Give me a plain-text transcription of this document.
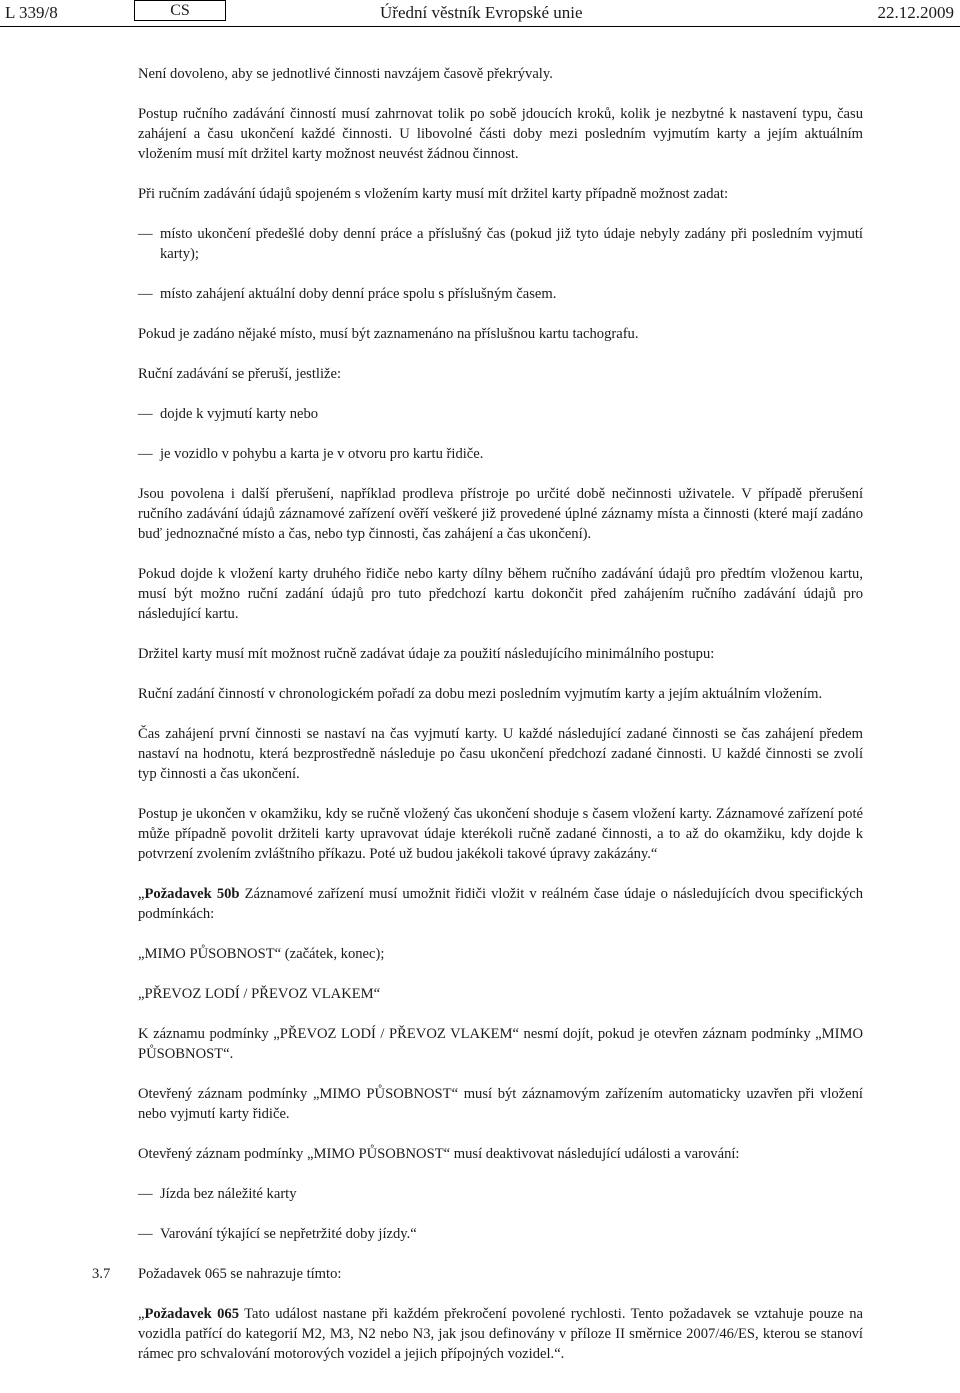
L 339/8	CS	Úřední věstník Evropské unie	22.12.2009

Není dovoleno, aby se jednotlivé činnosti navzájem časově překrývaly.

Postup ručního zadávání činností musí zahrnovat tolik po sobě jdoucích kroků, kolik je nezbytné k nastavení typu, času zahájení a času ukončení každé činnosti. U libovolné části doby mezi posledním vyjmutím karty a jejím aktuálním vložením musí mít držitel karty možnost neuvést žádnou činnost.

Při ručním zadávání údajů spojeném s vložením karty musí mít držitel karty případně možnost zadat:

— místo ukončení předešlé doby denní práce a příslušný čas (pokud již tyto údaje nebyly zadány při posledním vyjmutí karty);
— místo zahájení aktuální doby denní práce spolu s příslušným časem.

Pokud je zadáno nějaké místo, musí být zaznamenáno na příslušnou kartu tachografu.

Ruční zadávání se přeruší, jestliže:

— dojde k vyjmutí karty nebo
— je vozidlo v pohybu a karta je v otvoru pro kartu řidiče.

Jsou povolena i další přerušení, například prodleva přístroje po určité době nečinnosti uživatele. V případě přerušení ručního zadávání údajů záznamové zařízení ověří veškeré již provedené úplné záznamy místa a činnosti (které mají zadáno buď jednoznačné místo a čas, nebo typ činnosti, čas zahájení a čas ukončení).

Pokud dojde k vložení karty druhého řidiče nebo karty dílny během ručního zadávání údajů pro předtím vloženou kartu, musí být možno ruční zadání údajů pro tuto předchozí kartu dokončit před zahájením ručního zadávání údajů pro následující kartu.

Držitel karty musí mít možnost ručně zadávat údaje za použití následujícího minimálního postupu:

Ruční zadání činností v chronologickém pořadí za dobu mezi posledním vyjmutím karty a jejím aktuálním vložením.

Čas zahájení první činnosti se nastaví na čas vyjmutí karty. U každé následující zadané činnosti se čas zahájení předem nastaví na hodnotu, která bezprostředně následuje po času ukončení předchozí zadané činnosti. U každé činnosti se zvolí typ činnosti a čas ukončení.

Postup je ukončen v okamžiku, kdy se ručně vložený čas ukončení shoduje s časem vložení karty. Záznamové zařízení poté může případně povolit držiteli karty upravovat údaje kterékoli ručně zadané činnosti, a to až do okamžiku, kdy dojde k potvrzení zvolením zvláštního příkazu. Poté už budou jakékoli takové úpravy zakázány.“

„Požadavek 50b Záznamové zařízení musí umožnit řidiči vložit v reálném čase údaje o následujících dvou specifických podmínkách:

„MIMO PŮSOBNOST“ (začátek, konec);

„PŘEVOZ LODÍ / PŘEVOZ VLAKEM“

K záznamu podmínky „PŘEVOZ LODÍ / PŘEVOZ VLAKEM“ nesmí dojít, pokud je otevřen záznam podmínky „MIMO PŮSOBNOST“.

Otevřený záznam podmínky „MIMO PŮSOBNOST“ musí být záznamovým zařízením automaticky uzavřen při vložení nebo vyjmutí karty řidiče.

Otevřený záznam podmínky „MIMO PŮSOBNOST“ musí deaktivovat následující události a varování:

— Jízda bez náležité karty
— Varování týkající se nepřetržité doby jízdy.“
3.7 Požadavek 065 se nahrazuje tímto:

„Požadavek 065 Tato událost nastane při každém překročení povolené rychlosti. Tento požadavek se vztahuje pouze na vozidla patřící do kategorií M2, M3, N2 nebo N3, jak jsou definovány v příloze II směrnice 2007/46/ES, kterou se stanoví rámec pro schvalování motorových vozidel a jejich přípojných vozidel.“.
